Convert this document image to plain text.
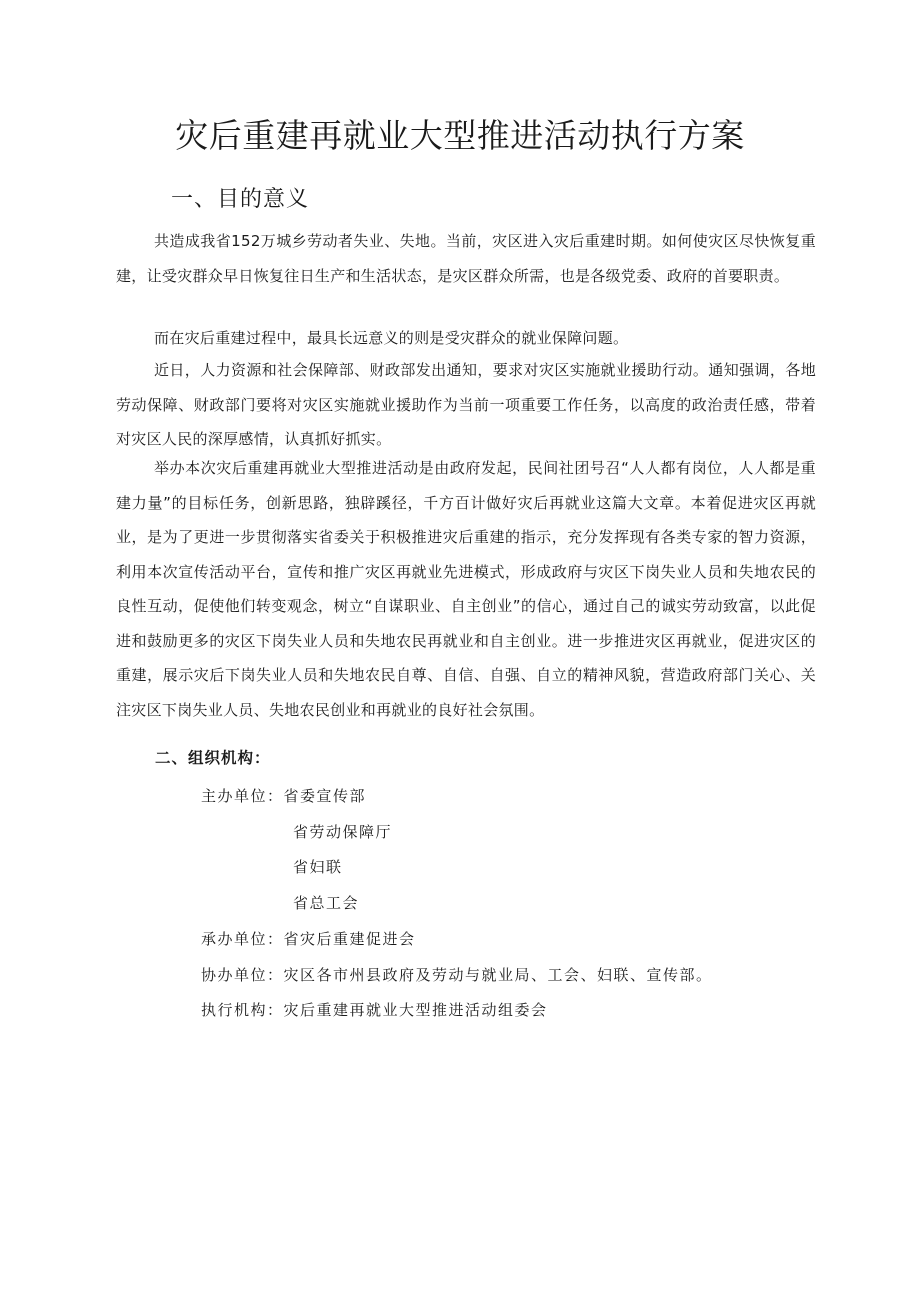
灾后重建再就业大型推进活动执行方案
一、目的意义

共造成我省152万城乡劳动者失业、失地。当前，灾区进入灾后重建时期。如何使灾区尽快恢复重建，让受灾群众早日恢复往日生产和生活状态，是灾区群众所需，也是各级党委、政府的首要职责。

而在灾后重建过程中，最具长远意义的则是受灾群众的就业保障问题。

近日，人力资源和社会保障部、财政部发出通知，要求对灾区实施就业援助行动。通知强调，各地劳动保障、财政部门要将对灾区实施就业援助作为当前一项重要工作任务，以高度的政治责任感，带着对灾区人民的深厚感情，认真抓好抓实。

举办本次灾后重建再就业大型推进活动是由政府发起，民间社团号召“人人都有岗位，人人都是重建力量”的目标任务，创新思路，独辟蹊径，千方百计做好灾后再就业这篇大文章。本着促进灾区再就业，是为了更进一步贯彻落实省委关于积极推进灾后重建的指示，充分发挥现有各类专家的智力资源，利用本次宣传活动平台，宣传和推广灾区再就业先进模式，形成政府与灾区下岗失业人员和失地农民的良性互动，促使他们转变观念，树立“自谋职业、自主创业”的信心，通过自己的诚实劳动致富，以此促进和鼓励更多的灾区下岗失业人员和失地农民再就业和自主创业。进一步推进灾区再就业，促进灾区的重建，展示灾后下岗失业人员和失地农民自尊、自信、自强、自立的精神风貌，营造政府部门关心、关注灾区下岗失业人员、失地农民创业和再就业的良好社会氛围。

二、组织机构：

主办单位：省委宣传部

省劳动保障厅

省妇联

省总工会

承办单位：省灾后重建促进会

协办单位：灾区各市州县政府及劳动与就业局、工会、妇联、宣传部。

执行机构：灾后重建再就业大型推进活动组委会
